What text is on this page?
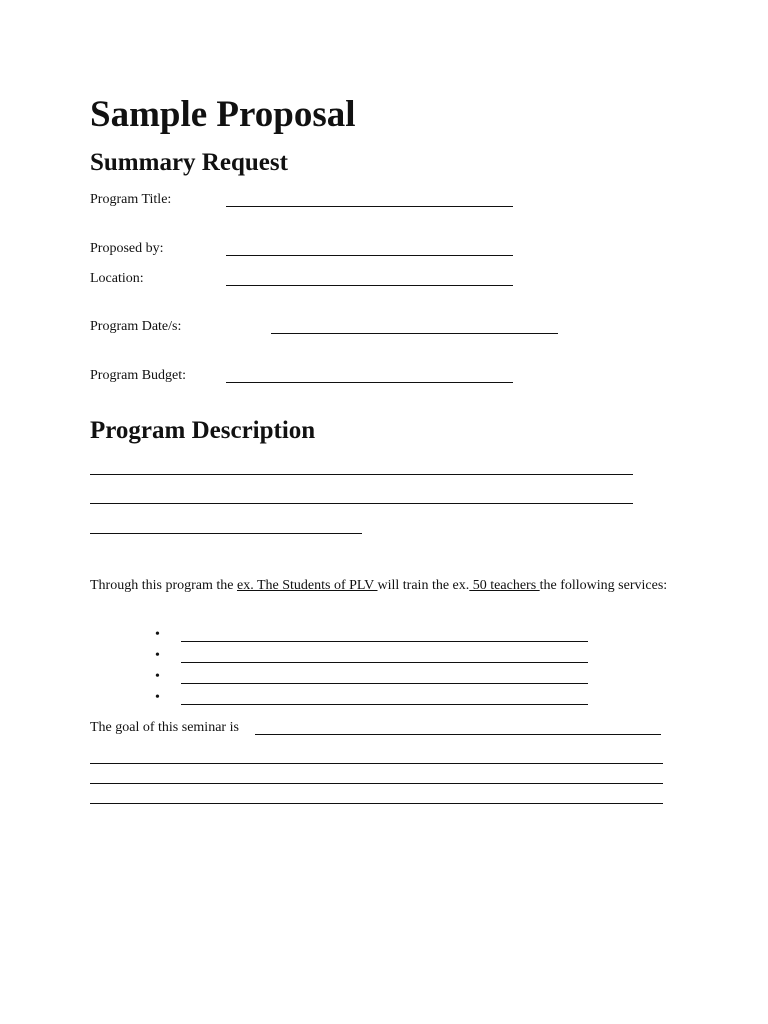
Sample Proposal
Summary Request
Program Title:
Proposed by:
Location:
Program Date/s:
Program Budget:
Program Description

Through this program the ex. The Students of PLV will train the ex. 50 teachers the following services:

•
•
•
•
The goal of this seminar is
